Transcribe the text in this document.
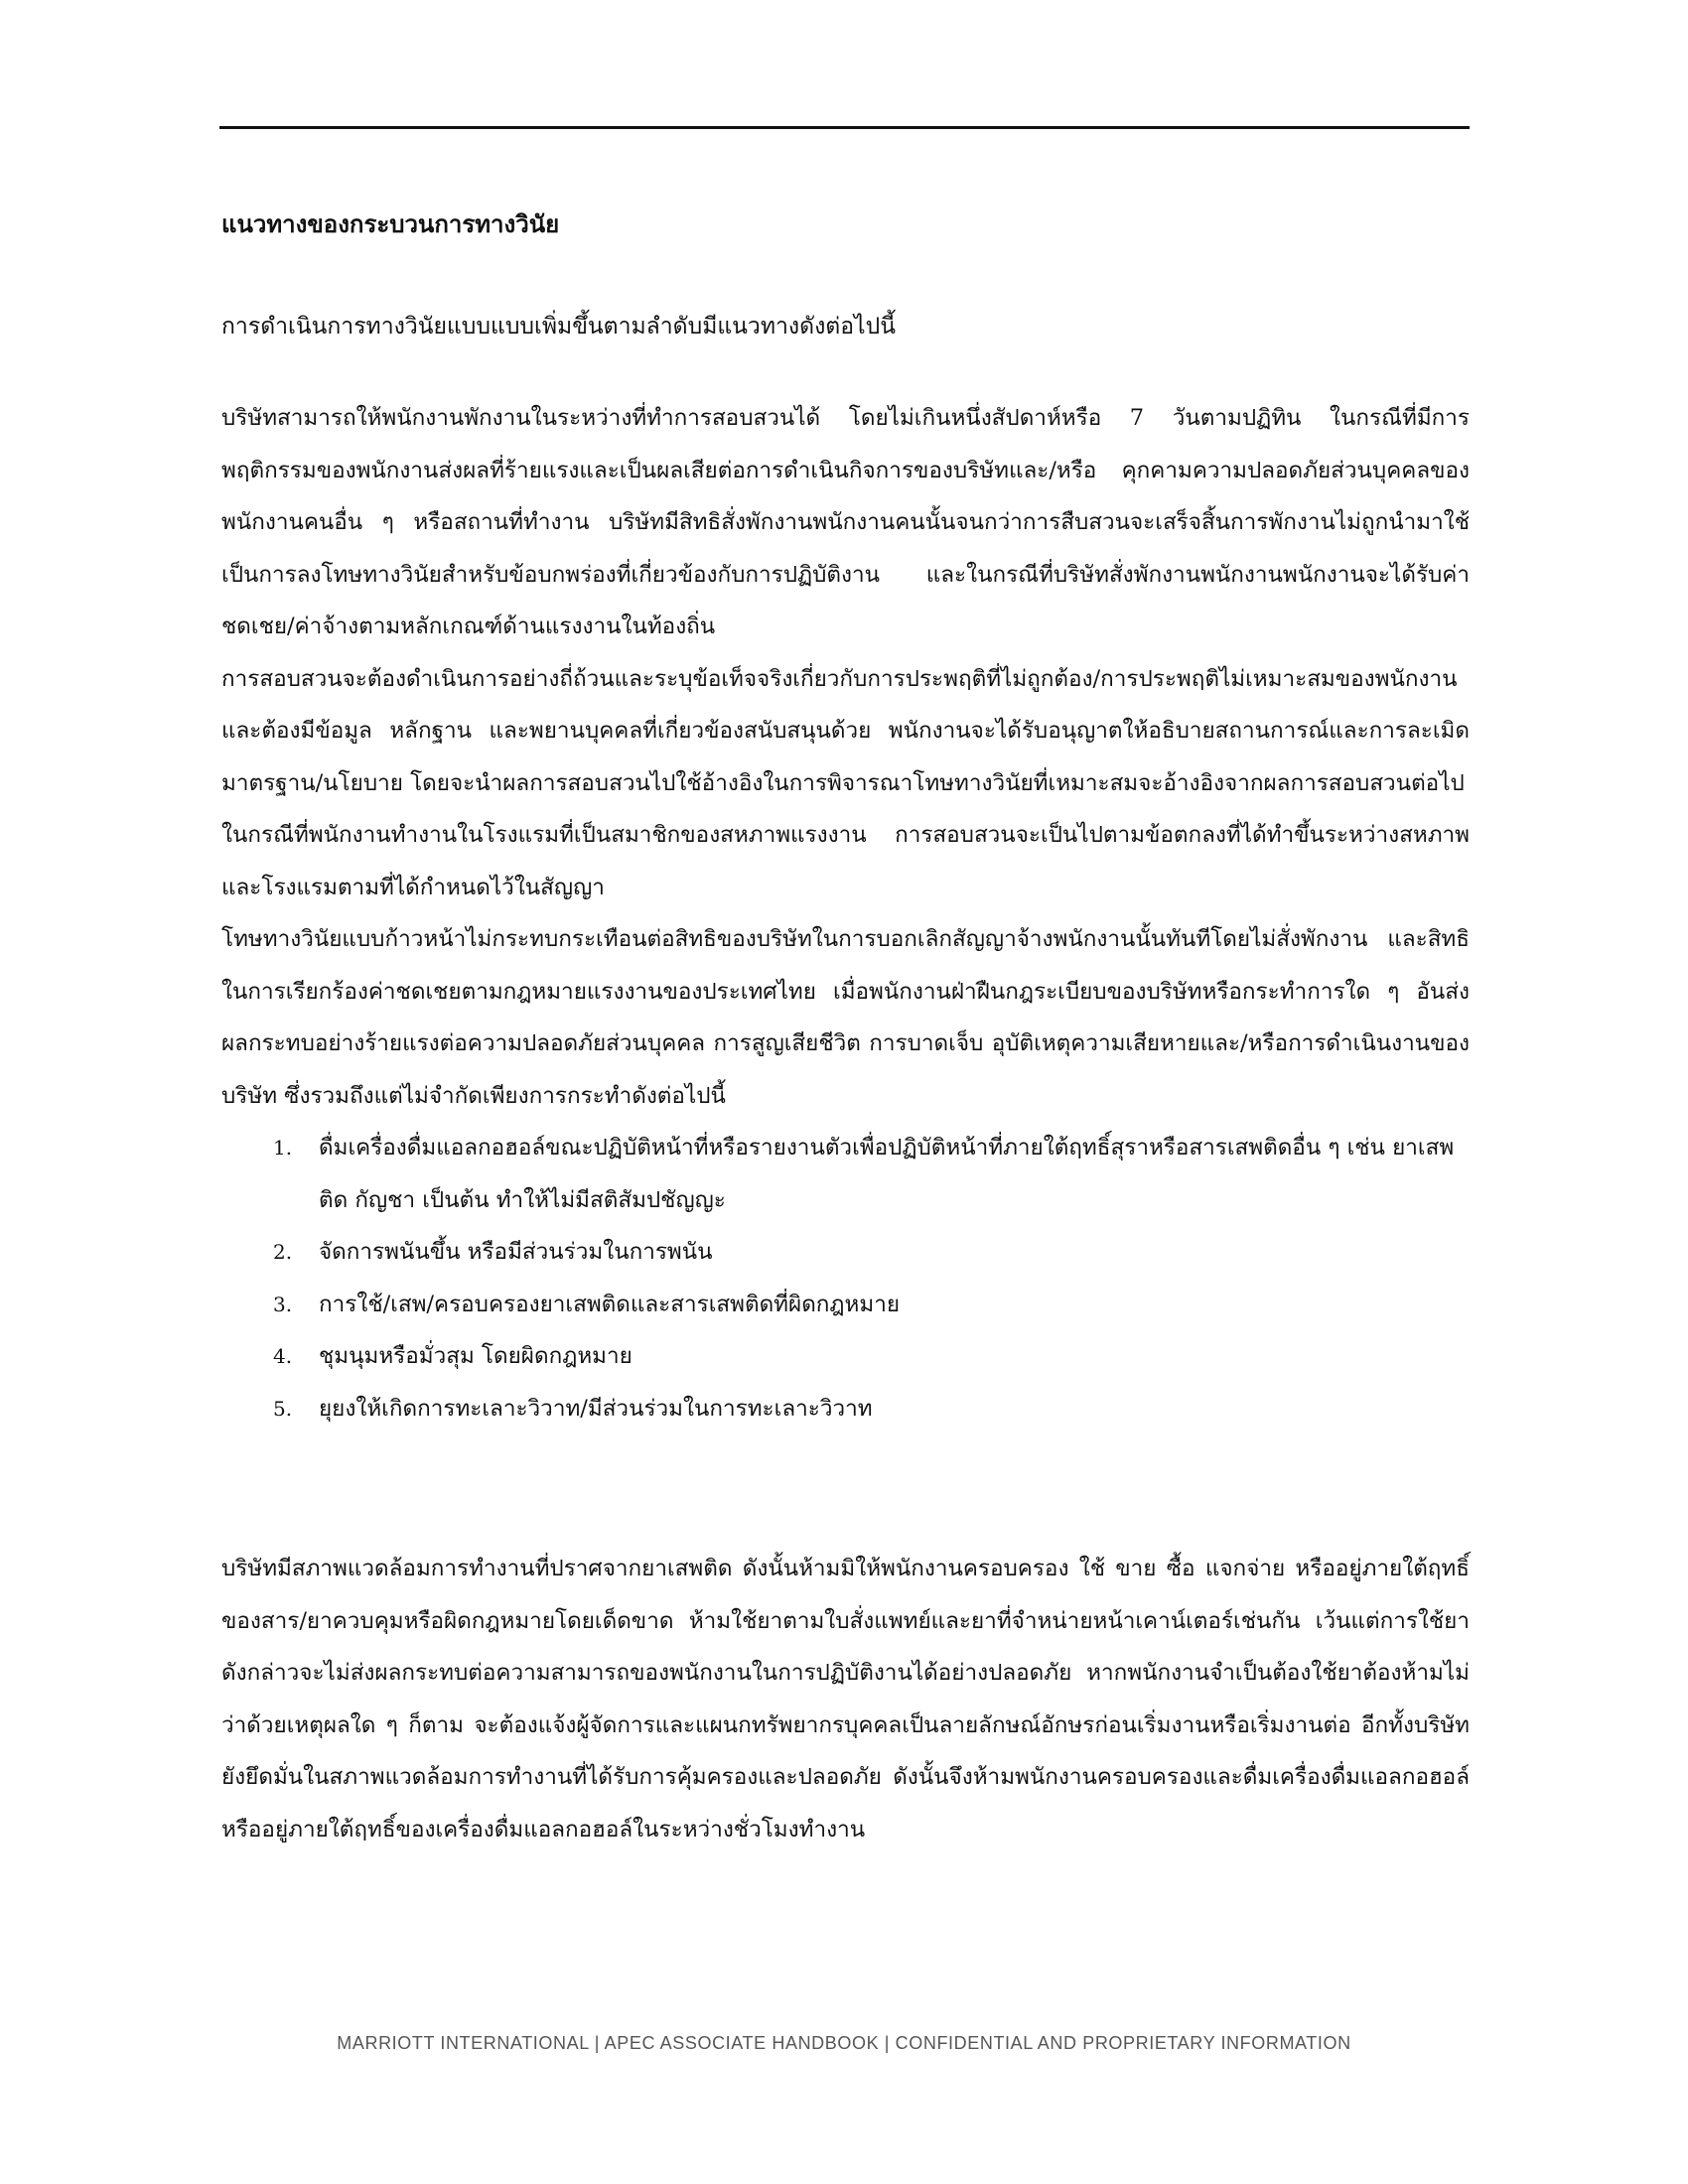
แนวทางของกระบวนการทางวินัย

การดำเนินการทางวินัยแบบแบบเพิ่มขึ้นตามลำดับมีแนวทางดังต่อไปนี้

บริษัทสามารถให้พนักงานพักงานในระหว่างที่ทำการสอบสวนได้ โดยไม่เกินหนึ่งสัปดาห์หรือ 7 วันตามปฏิทิน ในกรณีที่มีการพฤติกรรมของพนักงานส่งผลที่ร้ายแรงและเป็นผลเสียต่อการดำเนินกิจการของบริษัทและ/หรือ คุกคามความปลอดภัยส่วนบุคคลของพนักงานคนอื่น ๆ หรือสถานที่ทำงาน บริษัทมีสิทธิสั่งพักงานพนักงานคนนั้นจนกว่าการสืบสวนจะเสร็จสิ้นการพักงานไม่ถูกนำมาใช้เป็นการลงโทษทางวินัยสำหรับข้อบกพร่องที่เกี่ยวข้องกับการปฏิบัติงาน และในกรณีที่บริษัทสั่งพักงานพนักงานพนักงานจะได้รับค่าชดเชย/ค่าจ้างตามหลักเกณฑ์ด้านแรงงานในท้องถิ่น

การสอบสวนจะต้องดำเนินการอย่างถี่ถ้วนและระบุข้อเท็จจริงเกี่ยวกับการประพฤติที่ไม่ถูกต้อง/การประพฤติไม่เหมาะสมของพนักงาน และต้องมีข้อมูล หลักฐาน และพยานบุคคลที่เกี่ยวข้องสนับสนุนด้วย พนักงานจะได้รับอนุญาตให้อธิบายสถานการณ์และการละเมิดมาตรฐาน/นโยบาย โดยจะนำผลการสอบสวนไปใช้อ้างอิงในการพิจารณาโทษทางวินัยที่เหมาะสมจะอ้างอิงจากผลการสอบสวนต่อไป

ในกรณีที่พนักงานทำงานในโรงแรมที่เป็นสมาชิกของสหภาพแรงงาน การสอบสวนจะเป็นไปตามข้อตกลงที่ได้ทำขึ้นระหว่างสหภาพและโรงแรมตามที่ได้กำหนดไว้ในสัญญา

โทษทางวินัยแบบก้าวหน้าไม่กระทบกระเทือนต่อสิทธิของบริษัทในการบอกเลิกสัญญาจ้างพนักงานนั้นทันทีโดยไม่สั่งพักงาน และสิทธิในการเรียกร้องค่าชดเชยตามกฎหมายแรงงานของประเทศไทย เมื่อพนักงานฝ่าฝืนกฎระเบียบของบริษัทหรือกระทำการใด ๆ อันส่งผลกระทบอย่างร้ายแรงต่อความปลอดภัยส่วนบุคคล การสูญเสียชีวิต การบาดเจ็บ อุบัติเหตุความเสียหายและ/หรือการดำเนินงานของบริษัท ซึ่งรวมถึงแต่ไม่จำกัดเพียงการกระทำดังต่อไปนี้

1. ดื่มเครื่องดื่มแอลกอฮอล์ขณะปฏิบัติหน้าที่หรือรายงานตัวเพื่อปฏิบัติหน้าที่ภายใต้ฤทธิ์สุราหรือสารเสพติดอื่น ๆ เช่น ยาเสพติด กัญชา เป็นต้น ทำให้ไม่มีสติสัมปชัญญะ
2. จัดการพนันขึ้น หรือมีส่วนร่วมในการพนัน
3. การใช้/เสพ/ครอบครองยาเสพติดและสารเสพติดที่ผิดกฎหมาย
4. ชุมนุมหรือมั่วสุม โดยผิดกฎหมาย
5. ยุยงให้เกิดการทะเลาะวิวาท/มีส่วนร่วมในการทะเลาะวิวาท

บริษัทมีสภาพแวดล้อมการทำงานที่ปราศจากยาเสพติด ดังนั้นห้ามมิให้พนักงานครอบครอง ใช้ ขาย ซื้อ แจกจ่าย หรืออยู่ภายใต้ฤทธิ์ของสาร/ยาควบคุมหรือผิดกฎหมายโดยเด็ดขาด ห้ามใช้ยาตามใบสั่งแพทย์และยาที่จำหน่ายหน้าเคาน์เตอร์เช่นกัน เว้นแต่การใช้ยาดังกล่าวจะไม่ส่งผลกระทบต่อความสามารถของพนักงานในการปฏิบัติงานได้อย่างปลอดภัย หากพนักงานจำเป็นต้องใช้ยาต้องห้ามไม่ว่าด้วยเหตุผลใด ๆ ก็ตาม จะต้องแจ้งผู้จัดการและแผนกทรัพยากรบุคคลเป็นลายลักษณ์อักษรก่อนเริ่มงานหรือเริ่มงานต่อ อีกทั้งบริษัทยังยึดมั่นในสภาพแวดล้อมการทำงานที่ได้รับการคุ้มครองและปลอดภัย ดังนั้นจึงห้ามพนักงานครอบครองและดื่มเครื่องดื่มแอลกอฮอล์หรืออยู่ภายใต้ฤทธิ์ของเครื่องดื่มแอลกอฮอล์ในระหว่างชั่วโมงทำงาน

MARRIOTT INTERNATIONAL | APEC ASSOCIATE HANDBOOK | CONFIDENTIAL AND PROPRIETARY INFORMATION
